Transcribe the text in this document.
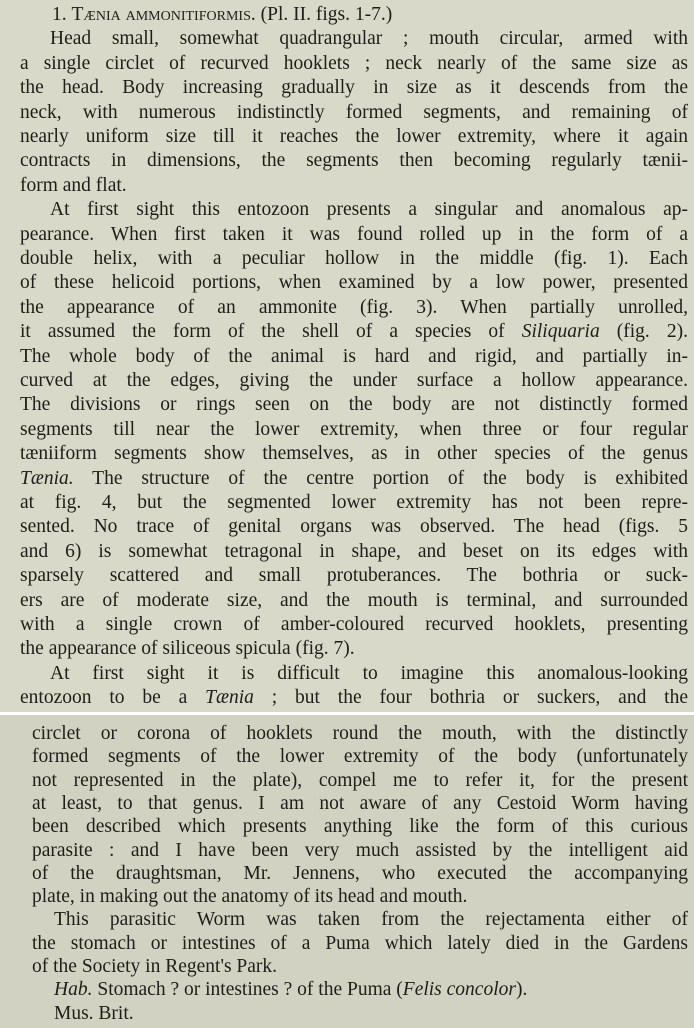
1. Tænia ammonitiformis. (Pl. II. figs. 1-7.)
Head small, somewhat quadrangular ; mouth circular, armed with
a single circlet of recurved hooklets ; neck nearly of the same size as
the head. Body increasing gradually in size as it descends from the
neck, with numerous indistinctly formed segments, and remaining of
nearly uniform size till it reaches the lower extremity, where it again
contracts in dimensions, the segments then becoming regularly tænii-
form and flat.
At first sight this entozoon presents a singular and anomalous ap-
pearance. When first taken it was found rolled up in the form of a
double helix, with a peculiar hollow in the middle (fig. 1). Each
of these helicoid portions, when examined by a low power, presented
the appearance of an ammonite (fig. 3). When partially unrolled,
it assumed the form of the shell of a species of Siliquaria (fig. 2).
The whole body of the animal is hard and rigid, and partially in-
curved at the edges, giving the under surface a hollow appearance.
The divisions or rings seen on the body are not distinctly formed
segments till near the lower extremity, when three or four regular
tæniiform segments show themselves, as in other species of the genus
Tænia. The structure of the centre portion of the body is exhibited
at fig. 4, but the segmented lower extremity has not been repre-
sented. No trace of genital organs was observed. The head (figs. 5
and 6) is somewhat tetragonal in shape, and beset on its edges with
sparsely scattered and small protuberances. The bothria or suck-
ers are of moderate size, and the mouth is terminal, and surrounded
with a single crown of amber-coloured recurved hooklets, presenting
the appearance of siliceous spicula (fig. 7).
At first sight it is difficult to imagine this anomalous-looking
entozoon to be a Tænia ; but the four bothria or suckers, and the
circlet or corona of hooklets round the mouth, with the distinctly
formed segments of the lower extremity of the body (unfortunately
not represented in the plate), compel me to refer it, for the present
at least, to that genus. I am not aware of any Cestoid Worm having
been described which presents anything like the form of this curious
parasite : and I have been very much assisted by the intelligent aid
of the draughtsman, Mr. Jennens, who executed the accompanying
plate, in making out the anatomy of its head and mouth.
This parasitic Worm was taken from the rejectamenta either of
the stomach or intestines of a Puma which lately died in the Gardens
of the Society in Regent's Park.
Hab. Stomach ? or intestines ? of the Puma (Felis concolor).
Mus. Brit.
